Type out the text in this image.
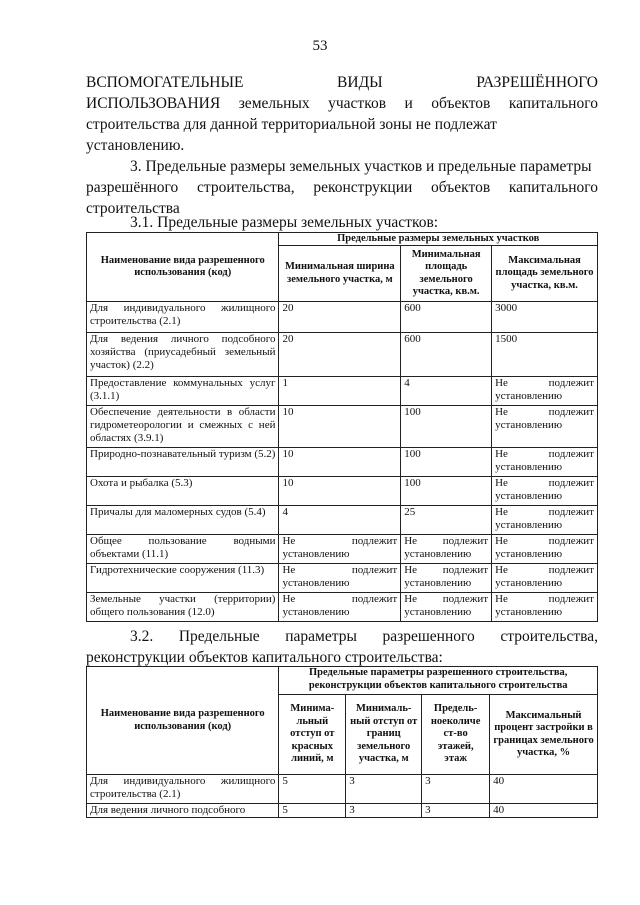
53
ВСПОМОГАТЕЛЬНЫЕ	ВИДЫ	РАЗРЕШЁННОГО
ИСПОЛЬЗОВАНИЯ земельных участков и объектов капитального
строительства для данной территориальной зоны не подлежат установлению.
3. Предельные размеры земельных участков и предельные параметры
разрешённого строительства, реконструкции объектов капитального
строительства
3.1. Предельные размеры земельных участков:
Наименование вида разрешенного использования (код)	Предельные размеры земельных участков		
	Минимальная ширина земельного участка, м	Минимальная площадь земельного участка, кв.м.	Максимальная площадь земельного участка, кв.м.
Для индивидуального жилищного строительства (2.1)	20	600	3000
Для ведения личного подсобного хозяйства (приусадебный земельный участок) (2.2)	20	600	1500
Предоставление коммунальных услуг (3.1.1)	1	4	Не подлежит установлению
Обеспечение деятельности в области гидрометеорологии и смежных с ней областях (3.9.1)	10	100	Не подлежит установлению
Природно-познавательный туризм (5.2)	10	100	Не подлежит установлению
Охота и рыбалка (5.3)	10	100	Не подлежит установлению
Причалы для маломерных судов (5.4)	4	25	Не подлежит установлению
Общее пользование водными объектами (11.1)	Не подлежит установлению	Не подлежит установлению	Не подлежит установлению
Гидротехнические сооружения (11.3)	Не подлежит установлению	Не подлежит установлению	Не подлежит установлению
Земельные участки (территории) общего пользования (12.0)	Не подлежит установлению	Не подлежит установлению	Не подлежит установлению
3.2. Предельные параметры разрешенного строительства,
реконструкции объектов капитального строительства:
Наименование вида разрешенного использования (код)	Предельные параметры разрешенного строительства, реконструкции объектов капитального строительства			
	Минима-льный отступ от красных линий, м	Минималь-ный отступ от границ земельного участка, м	Предель-ноеколиче ст-во этажей, этаж	Максимальный процент застройки в границах земельного участка, %
Для индивидуального жилищного строительства (2.1)	5	3	3	40
Для ведения личного подсобного	5	3	3	40
